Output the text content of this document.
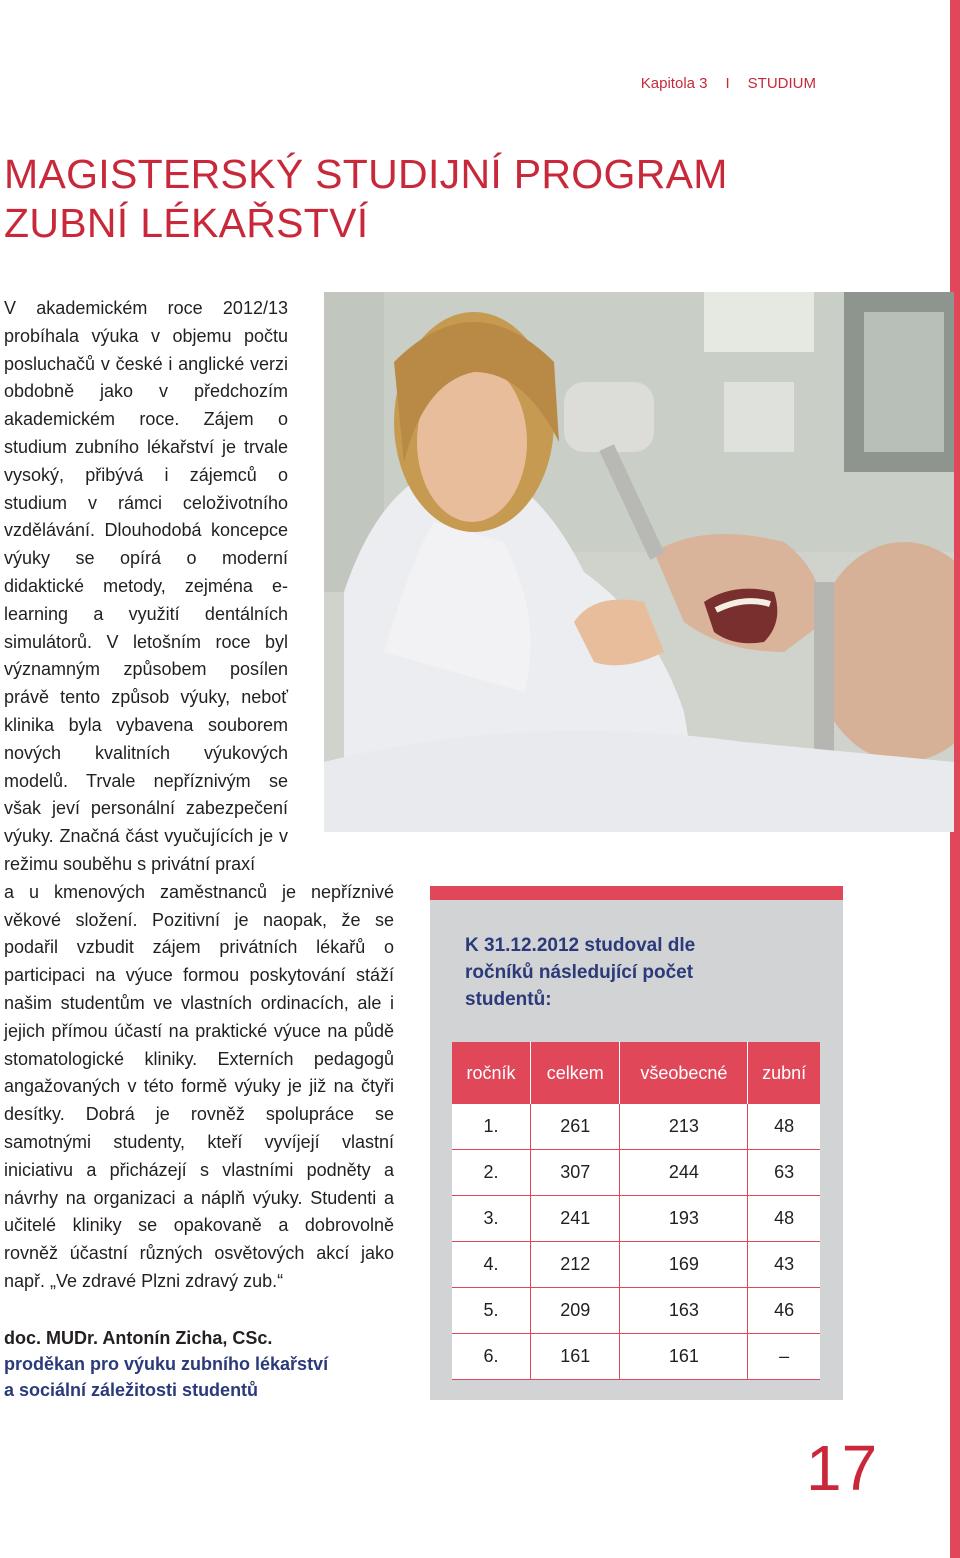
Kapitola 3 I STUDIUM
MAGISTERSKÝ STUDIJNÍ PROGRAM
ZUBNÍ LÉKAŘSTVÍ

V akademickém roce 2012/13 probíhala výuka v objemu počtu posluchačů v české i anglické verzi obdobně jako v předchozím akademickém roce. Zájem o studium zubního lékařství je trvale vysoký, přibývá i zájemců o studium v rámci celoživotního vzdělávání. Dlouhodobá koncepce výuky se opírá o moderní didaktické metody, zejména e-learning a využití dentálních simulátorů. V letošním roce byl významným způsobem posílen právě tento způsob výuky, neboť klinika byla vybavena souborem nových kvalitních výukových modelů. Trvale nepříznivým se však jeví personální zabezpečení výuky. Značná část vyučujících je v režimu souběhu s privátní praxí

a u kmenových zaměstnanců je nepříznivé věkové složení. Pozitivní je naopak, že se podařil vzbudit zájem privátních lékařů o participaci na výuce formou poskytování stáží našim studentům ve vlastních ordinacích, ale i jejich přímou účastí na praktické výuce na půdě stomatologické kliniky. Externích pedagogů angažovaných v této formě výuky je již na čtyři desítky. Dobrá je rovněž spolupráce se samotnými studenty, kteří vyvíjejí vlastní iniciativu a přicházejí s vlastními podněty a návrhy na organizaci a náplň výuky. Studenti a učitelé kliniky se opakovaně a dobrovolně rovněž účastní různých osvětových akcí jako např. „Ve zdravé Plzni zdravý zub.“

doc. MUDr. Antonín Zicha, CSc.
proděkan pro výuku zubního lékařství
a sociální záležitosti studentů
K 31.12.2012 studoval dle
ročníků následující počet
studentů:
ročník	celkem	všeobecné	zubní
1.	261	213	48
2.	307	244	63
3.	241	193	48
4.	212	169	43
5.	209	163	46
6.	161	161	–
17
